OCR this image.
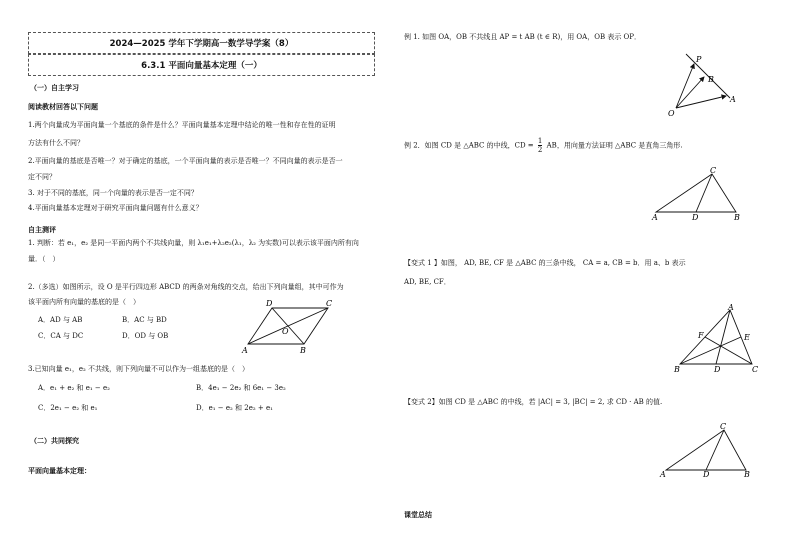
2024—2025 学年下学期高一数学导学案（8）
6.3.1 平面向量基本定理（一）
（一）自主学习
阅读教材回答以下问题
1.两个向量成为平面向量一个基底的条件是什么？平面向量基本定理中结论的唯一性和存在性的证明
方法有什么不同？
2.平面向量的基底是否唯一？对于确定的基底，一个平面向量的表示是否唯一？不同向量的表示是否一
定不同？
3. 对于不同的基底，同一个向量的表示是否一定不同？
4.平面向量基本定理对于研究平面向量问题有什么意义？
自主测评
1. 判断：若 e₁，e₂ 是同一平面内两个不共线向量，则 λ₁e₁+λ₂e₂(λ₁，λ₂ 为实数)可以表示该平面内所有向
量．（　）
2.（多选）如图所示，设 O 是平行四边形 ABCD 的两条对角线的交点，给出下列向量组，其中可作为
该平面内所有向量的基底的是（　）
A．AD 与 AB	B．AC 与 BD
C．CA 与 DC	D．OD 与 OB
A	B
C
D
O
3.已知向量 e₁，e₂ 不共线，则下列向量不可以作为一组基底的是（　）
A．e₁ + e₂ 和 e₁ − e₂	B．4e₁ − 2e₂ 和 6e₁ − 3e₂
C．2e₁ − e₂ 和 e₁	D．e₁ − e₂ 和 2e₂ + e₁
（二）共同探究
平面向量基本定理：
例 1. 如图 OA，OB 不共线且 AP = t AB (t ∈ R)，用 OA，OB 表示 OP．
O
A
B
P
例 2．如图 CD 是 △ABC 的中线，CD = $\frac{1}{2}$ AB，用向量方法证明 △ABC 是直角三角形.
A	B
C
D
【变式 1 】如图， AD, BE, CF 是 △ABC 的三条中线， CA = a, CB = b．用 a、b 表示
AD, BE, CF．
A
B	C
D
E
F
【变式 2】如图 CD 是 △ABC 的中线，若 |AC| = 3, |BC| = 2, 求 CD · AB 的值.
A	B
C
D
课堂总结
